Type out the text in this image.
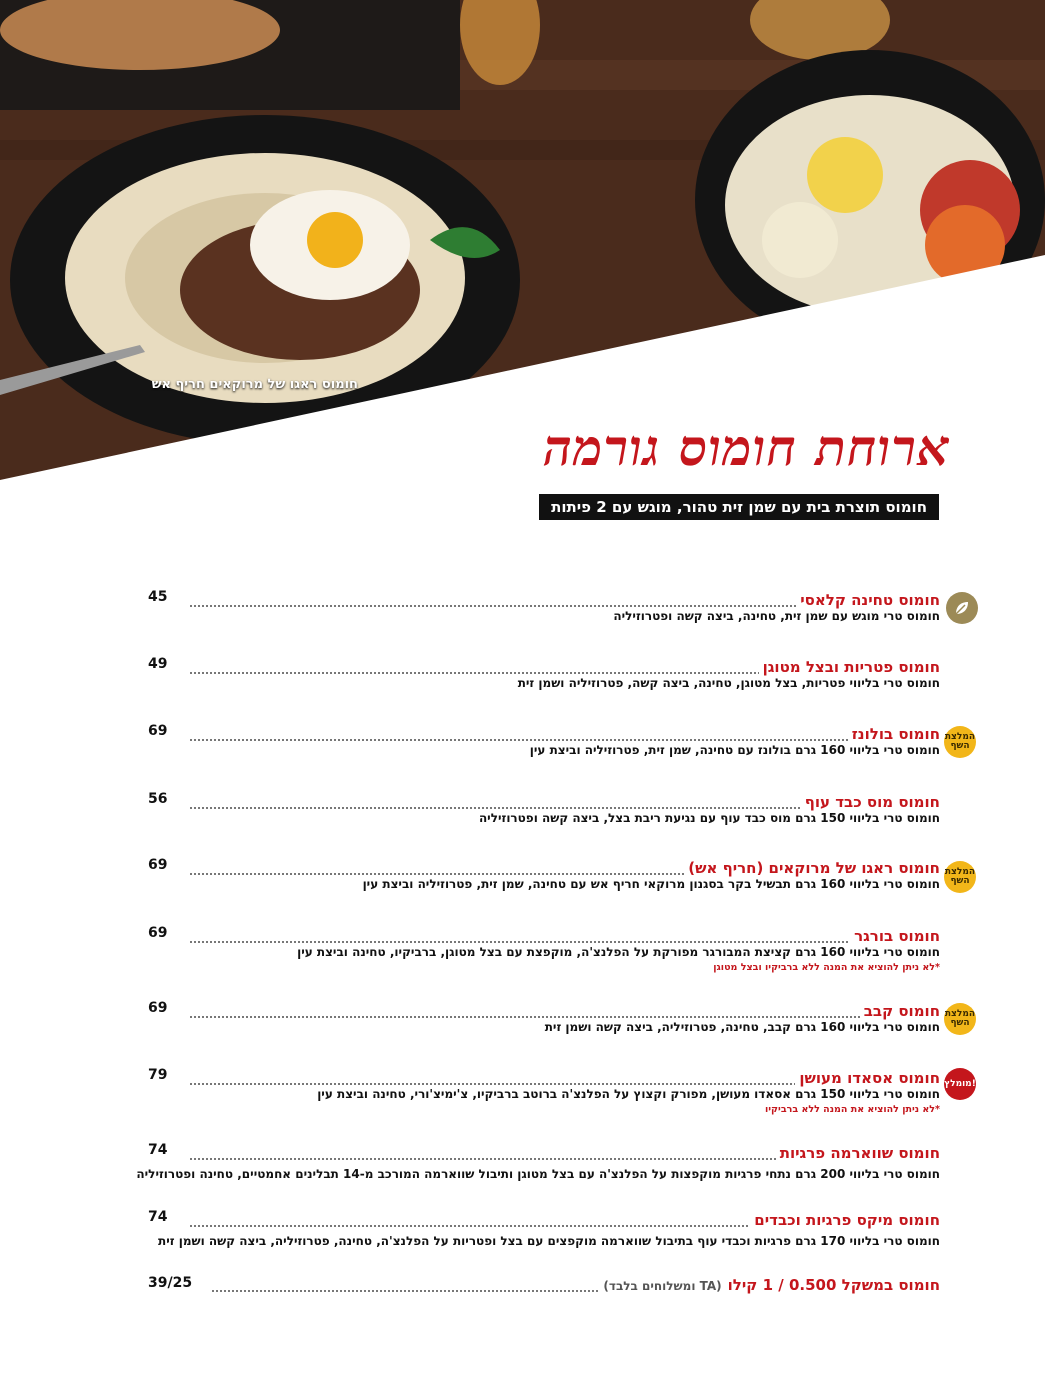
חומוס ראגו של מרוקאים חריף אש
ארוחת חומוס גורמה
חומוס תוצרת בית עם שמן זית טהור, מוגש עם 2 פיתות
חומוס טחינה קלאסי
45
חומוס טרי מוגש עם שמן זית, טחינה, ביצה קשה ופטרוזיליה
חומוס פטריות ובצל מטוגן
49
חומוס טרי בליווי פטריות, בצל מטוגן, טחינה, ביצה קשה, פטרוזיליה ושמן זית
חומוס בולונז
69
חומוס טרי בליווי 160 גרם בולונז עם טחינה, שמן זית, פטרוזיליה וביצת עין
המלצת השף
חומוס מוס כבד עוף
56
חומוס טרי בליווי 150 גרם מוס כבד עוף עם נגיעת ריבת בצל, ביצה קשה ופטרוזיליה
חומוס ראגו של מרוקאים (חריף אש)
69
חומוס טרי בליווי 160 גרם תבשיל בקר בסגנון מרוקאי חריף אש עם טחינה, שמן זית, פטרוזיליה וביצת עין
המלצת השף
חומוס בורגר
69
חומוס טרי בליווי 160 גרם קציצת המבורגר מפורקת על הפלנצ'ה, מוקפצת עם בצל מטוגן, ברביקיו, טחינה וביצת עין
*לא ניתן להוציא את המנה ללא ברביקיו ובצל מטוגן
חומוס קבב
69
חומוס טרי בליווי 160 גרם קבב, טחינה, פטרוזיליה, ביצה קשה ושמן זית
המלצת השף
חומוס אסאדו מעושן
79
חומוס טרי בליווי 150 גרם אסאדו מעושן, מפורק וקצוץ על הפלנצ'ה ברוטב ברביקיו, צ'ימיצ'ורי, טחינה וביצת עין
*לא ניתן להוציא את המנה ללא ברביקיו
מומלץ!
חומוס שווארמה פרגיות
74
חומוס טרי בליווי 200 גרם נתחי פרגיות מוקפצות על הפלנצ'ה עם בצל מטוגן ותיבול שווארמה המורכב מ-14 תבלינים אחמטיים, טחינה ופטרוזיליה
חומוס מיקס פרגיות וכבדים
74
חומוס טרי בליווי 170 גרם פרגיות וכבדי עוף בתיבול שווארמה מוקפצים עם בצל ופטריות על הפלנצ'ה, טחינה, פטרוזיליה, ביצה קשה ושמן זית
חומוס במשקל 0.500 / 1 קילו
(TA ומשלוחים בלבד)
39/25
